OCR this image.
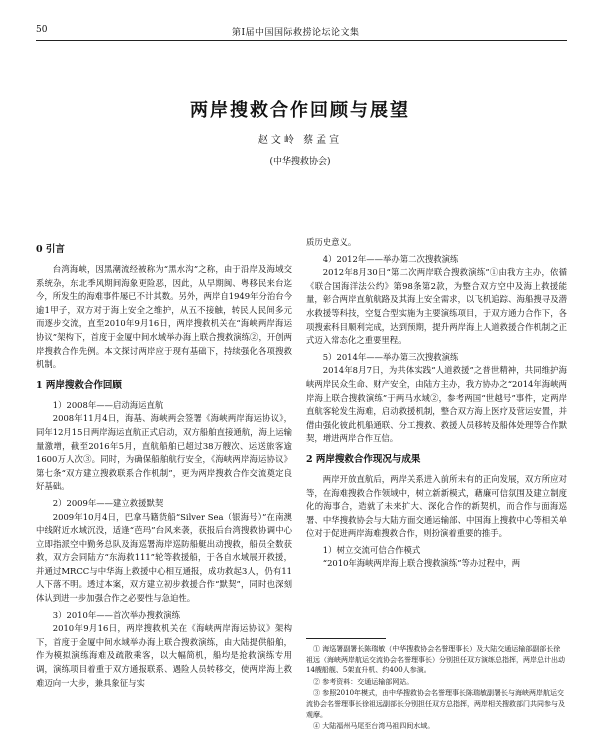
50	第Ⅰ届中国国际救捞论坛论文集
两岸搜救合作回顾与展望
赵文岭 蔡孟宣
(中华搜救协会)
0 引言

台湾海峡，因黑潮流经被称为“黑水沟”之称，由于沿岸及海域交系统杂，东北季风期间海象更险恶，因此，从早期闽、粤移民来台迄今，所发生的海难事件屡已不计其数。另外，两岸自1949年分治台今逾1甲子，双方对于海上安全之维护，从五不接触，转民人民间多元而逐步交流，直至2010年9月16日，两岸搜救机关在“海峡两岸海运协议”架构下，首度于金厦中间水域举办海上联合搜救演练②，开创两岸搜救合作先例。本文探讨两岸应于现有基础下，持续强化各项搜救机制。

1 两岸搜救合作回顾
1）2008年——启动海运直航

2008年11月4日，海基、海峡两会签署《海峡两岸海运协议》，同年12月15日两岸海运直航正式启动，双方船舶直接通航，海上运输量激增，截至2016年5月，直航船舶已超过38万艘次、运送旅客逾1600万人次③。同时，为确保船舶航行安全，《海峡两岸海运协议》第七条“双方建立搜救联系合作机制”，更为两岸搜救合作交流奠定良好基础。

2）2009年——建立救援默契

2009年10月4日，巴拿马籍货船“Silver Sea（银海号）”在南澳中线附近水域沉没，适逢“芭玛”台风来袭，获报后台湾搜救协调中心立即指派空中勤务总队及海巡署海岸巡防船艇出动搜救，船员全数获救，双方会同陆方“东海救111”轮等救援船，于各自水域展开救援，并通过MRCC与中华海上救援中心相互通报，成功救起3人，仍有11人下落不明。透过本案，双方建立初步救援合作“默契”，同时也深刻体认到进一步加强合作之必要性与急迫性。

3）2010年——首次举办搜救演练

2010年9月16日，两岸搜救机关在《海峡两岸海运协议》架构下，首度于金厦中间水域举办海上联合搜救演练，由大陆提供船舶，作为模拟演练海难及疏散乘客，以大幅简机，船均是抢救演练专用调，演练项目着重于双方通报联系、遇险人员转移交，使两岸海上救难迈向一大步，兼具象征与实

质历史意义。

4）2012年——举办第二次搜救演练

2012年8月30日“第二次两岸联合搜救演练”①由我方主办，依循《联合国海洋法公约》第98条第2款，为整合双方空中及海上救援能量，彰合两岸直航航路及其海上安全需求，以飞机追踪、海船搜寻及潜水救援等科技，空复合型实施为主要演练项目，于双方通力合作下，各项搜索科目顺利完成，达到预期，提升两岸海上人道救援合作机制之正式迈入常态化之重要里程。

5）2014年——举办第三次搜救演练

2014年8月7日，为共体实践“人道救援”之普世精神，共同维护海峡两岸民众生命、财产安全，由陆方主办，我方协办之“2014年海峡两岸海上联合搜救演练”于两马水域②，参考两国“世越号”事件，定两岸直航客轮发生海难，启动救援机制，整合双方海上医疗及营运安置，并借由强化彼此机船通联、分工搜救、救援人员移转及船体处理等合作默契，增进两岸合作互信。

2 两岸搜救合作现况与成果

两岸开放直航后，两岸关系进入前所未有的正向发展，双方所应对等，在海难搜救合作领域中，树立新新模式，藉廉可信氛围及建立制度化的海事合，造就了未来扩大、深化合作的新契机，而合作与面海巡署、中华搜救协会与大陆方面交通运输部、中国海上搜救中心等相关单位对于促进两岸海难搜救合作，则扮演着重要的推手。

1）树立交流可信合作模式

“2010年海峡两岸海上联合搜救演练”等办过程中，两

① 海巡署副署长陈瑞敏（中华搜救协会名誉理事长）及大陆交通运输部副部长徐祖远（海峡两岸航运交流协会名誉理事长）分别担任双方演练总指挥，两岸总计出动14艘船舰、5架直升机、约400人参演。

② 参考资料：交通运输部网站。

③ 参照2010年模式，由中华搜救协会名誉理事长陈瑞敏副署长与海峡两岸航运交流协会名誉理事长徐祖远副部长分别担任双方总指挥，两岸相关搜救部门共同参与及观摩。

④ 大陆福州马尾至台湾马祖四间水域。
